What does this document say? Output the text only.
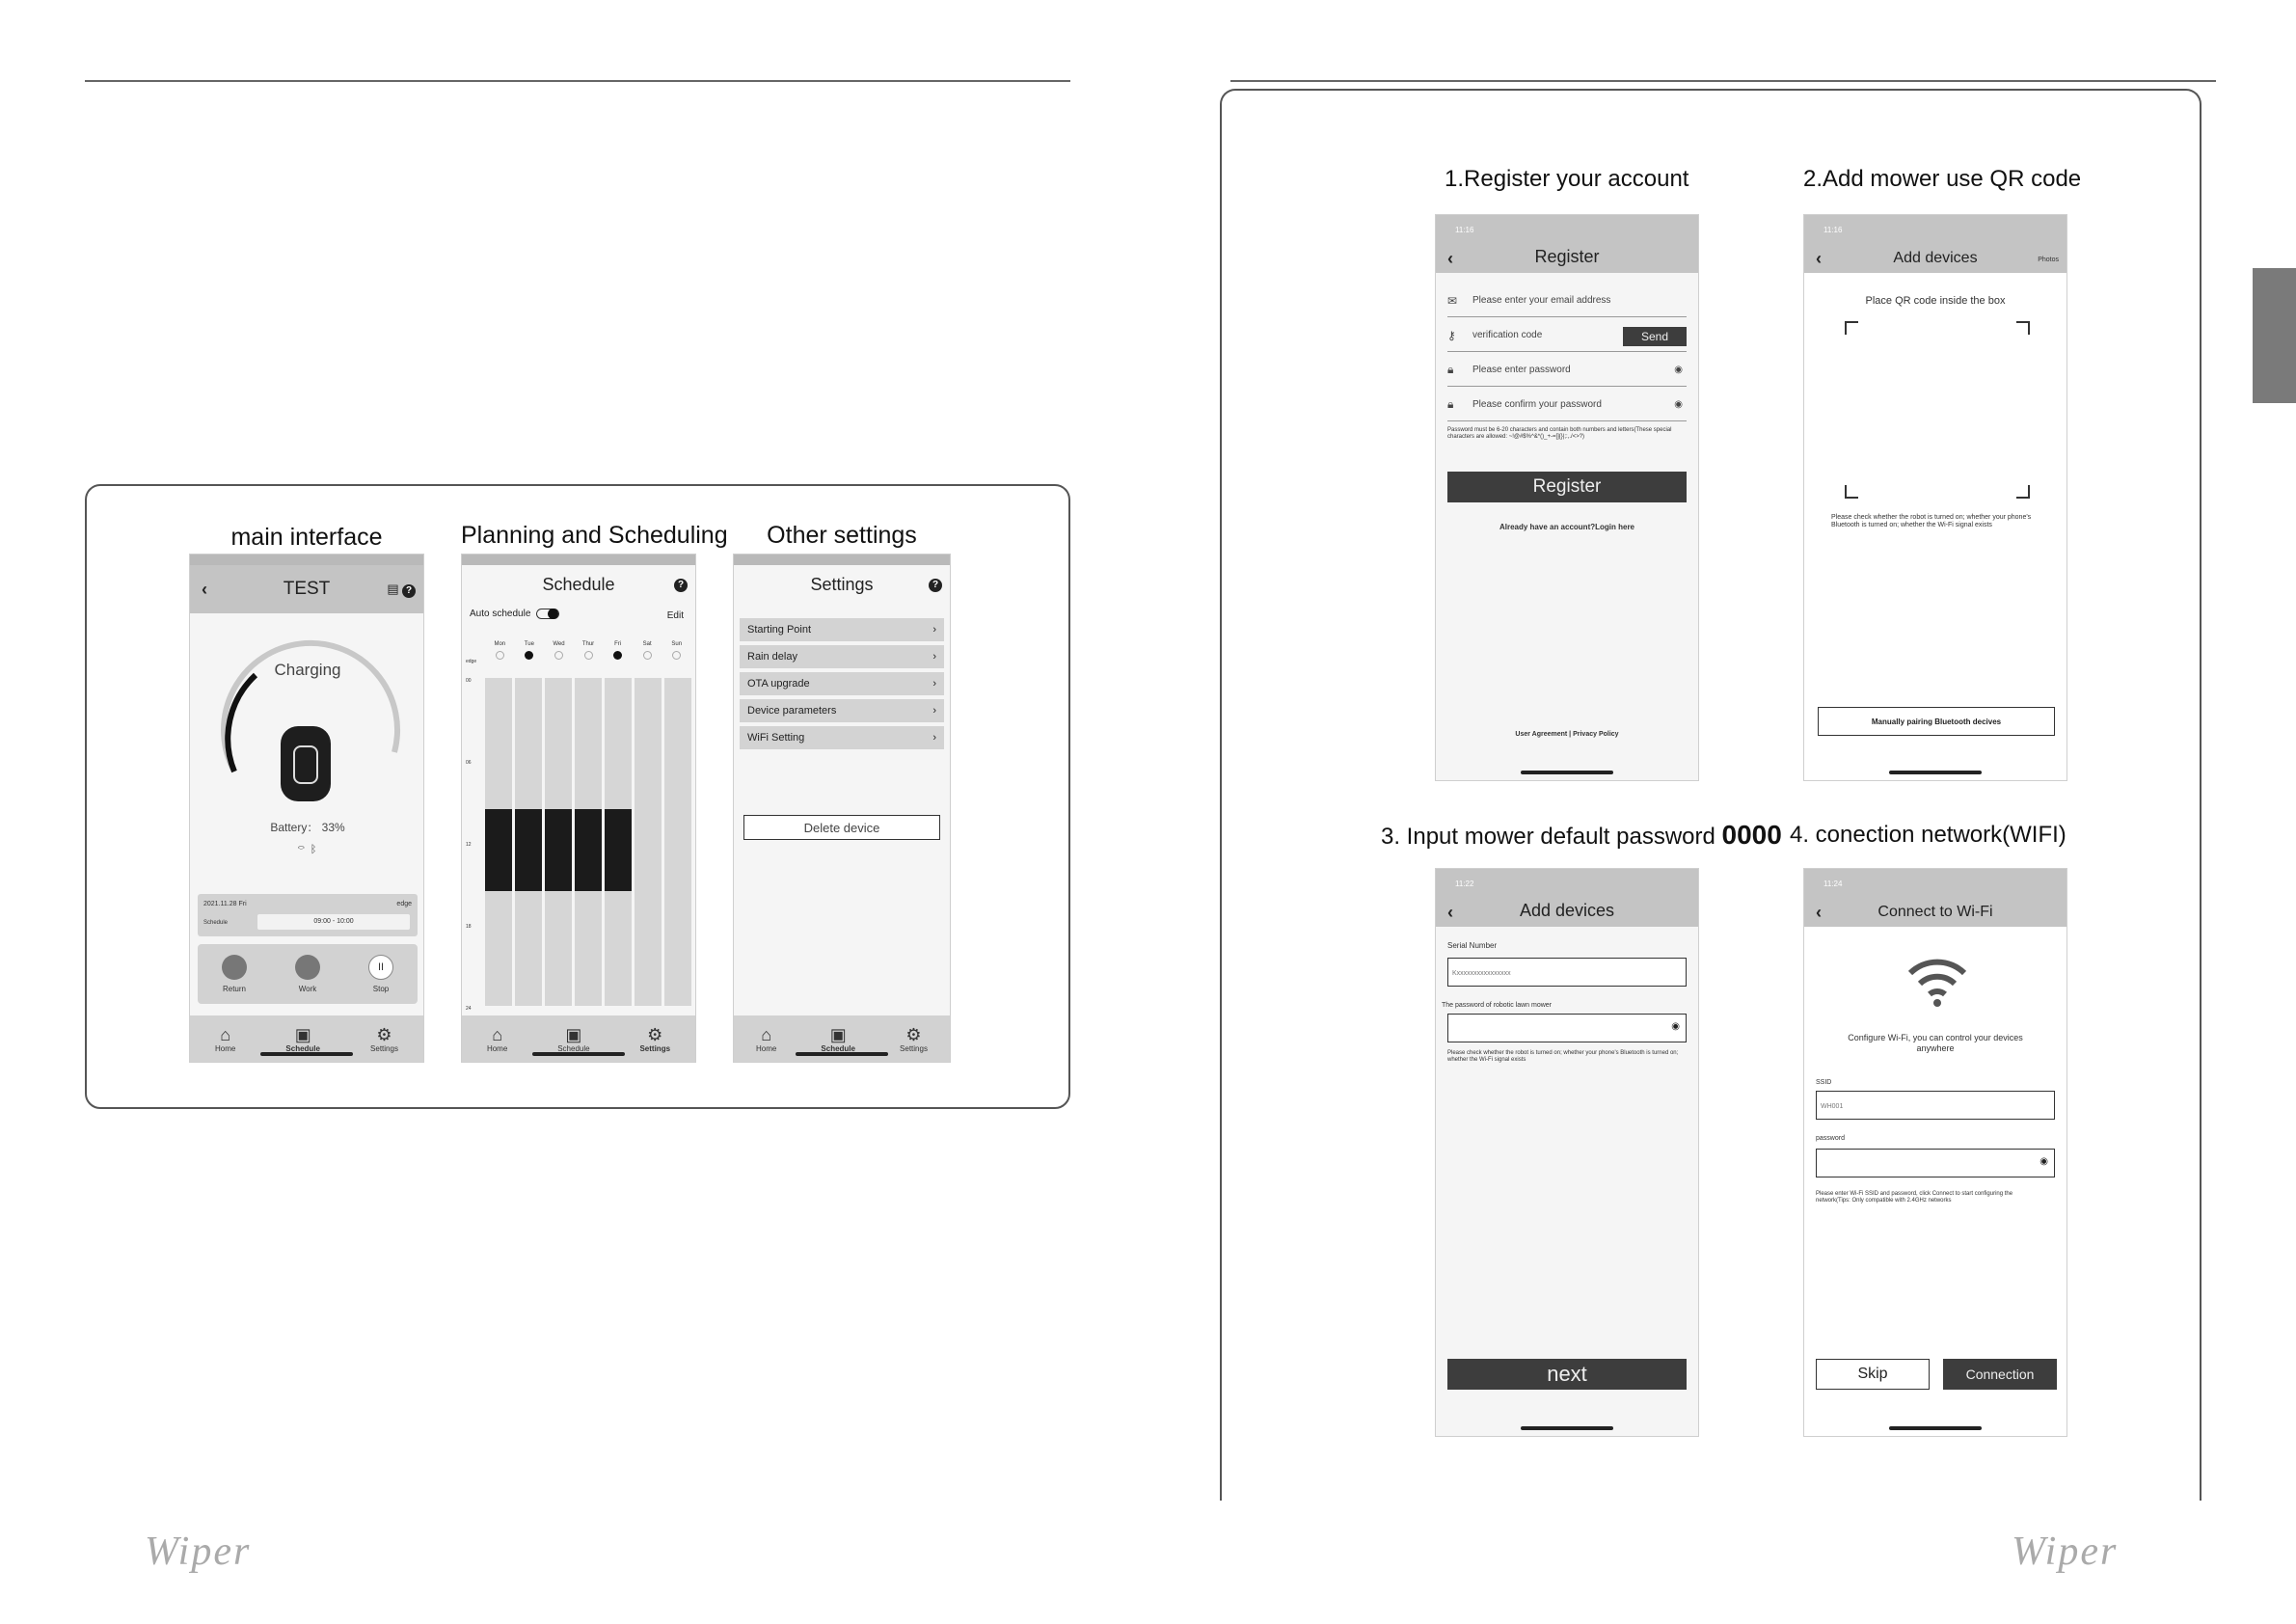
main interface	Planning and Scheduling	Other settings
‹	TEST	▤ ?
Charging
Battery： 33%
⌔  ᛒ
2021.11.28 Fri	edge
Schedule	09:00 - 10:00
Return	Work
II
Stop
⌂
Home
▣
Schedule
⚙
Settings
Schedule	?
Auto schedule	Edit
Mon	Tue	Wed	Thur	Fri	Sat	Sun
edge
00
06
12
18
24
⌂
Home
▣
Schedule
⚙
Settings
Settings	?
Starting Point	›
Rain delay	›
OTA upgrade	›
Device parameters	›
WiFi Setting	›
Delete device
⌂
Home
▣
Schedule
⚙
Settings
Wiper
1.Register your account	2.Add mower use QR code
3. Input mower default password 0000 4. conection network(WIFI)
11:16
‹	Register
✉	Please enter your email address
⚷	verification code	Send
🔒︎	Please enter password	◉
🔒︎	Please confirm your password	◉
Password must be 6-20 characters and contain both numbers and letters(These special characters are allowed: ~!@#$%^&*()_+-=[]{}|;:,./<>?)
Register
Already have an account?Login here
User Agreement | Privacy Policy
11:16
‹	Add devices	Photos
Place QR code inside the box
Please check whether the robot is turned on; whether your phone's Bluetooth is turned on; whether the Wi-Fi signal exists
Manually pairing Bluetooth decives
11:22
‹	Add devices
Serial Number
Kxxxxxxxxxxxxxxxx
The password of robotic lawn mower
◉
Please check whether the robot is turned on; whether your phone's Bluetooth is turned on; whether the Wi-Fi signal exists
next
11:24
‹	Connect to Wi-Fi
Configure Wi-Fi, you can control your devices anywhere
SSID
WH001
password
◉
Please enter Wi-Fi SSID and password, click Connect to start configuring the network(Tips: Only compatible with 2.4GHz networks
Skip	Connection
Wiper
